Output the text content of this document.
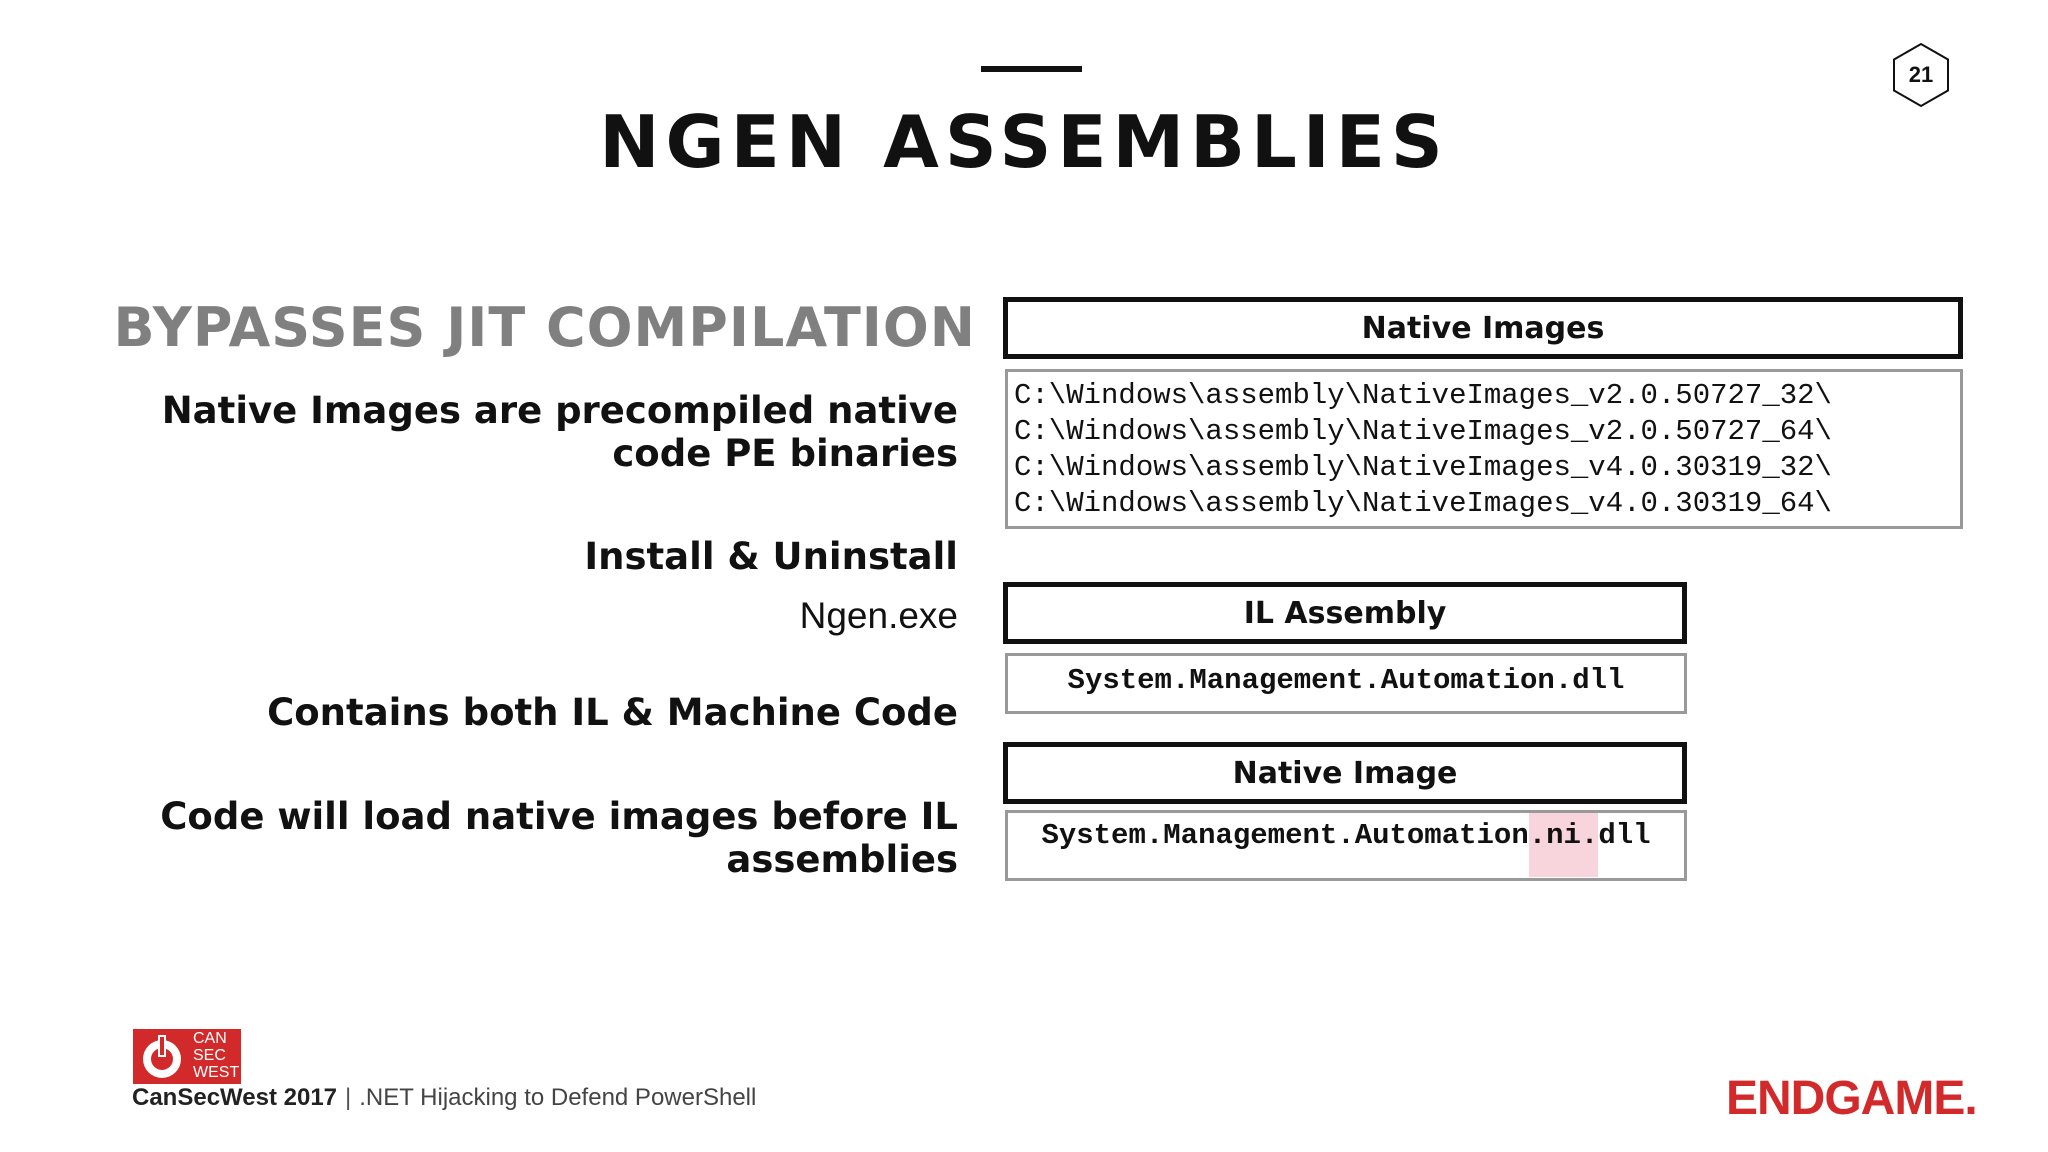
NGEN ASSEMBLIES
21
BYPASSES JIT COMPILATION
Native Images are precompiled native
code PE binaries
Install & Uninstall
Ngen.exe
Contains both IL & Machine Code
Code will load native images before IL
assemblies
Native Images
C:\Windows\assembly\NativeImages_v2.0.50727_32\
C:\Windows\assembly\NativeImages_v2.0.50727_64\
C:\Windows\assembly\NativeImages_v4.0.30319_32\
C:\Windows\assembly\NativeImages_v4.0.30319_64\
IL Assembly
System.Management.Automation.dll
Native Image
System.Management.Automation.ni.dll
CAN
SEC
WEST
CanSecWest 2017 | .NET Hijacking to Defend PowerShell	ENDGAME.
